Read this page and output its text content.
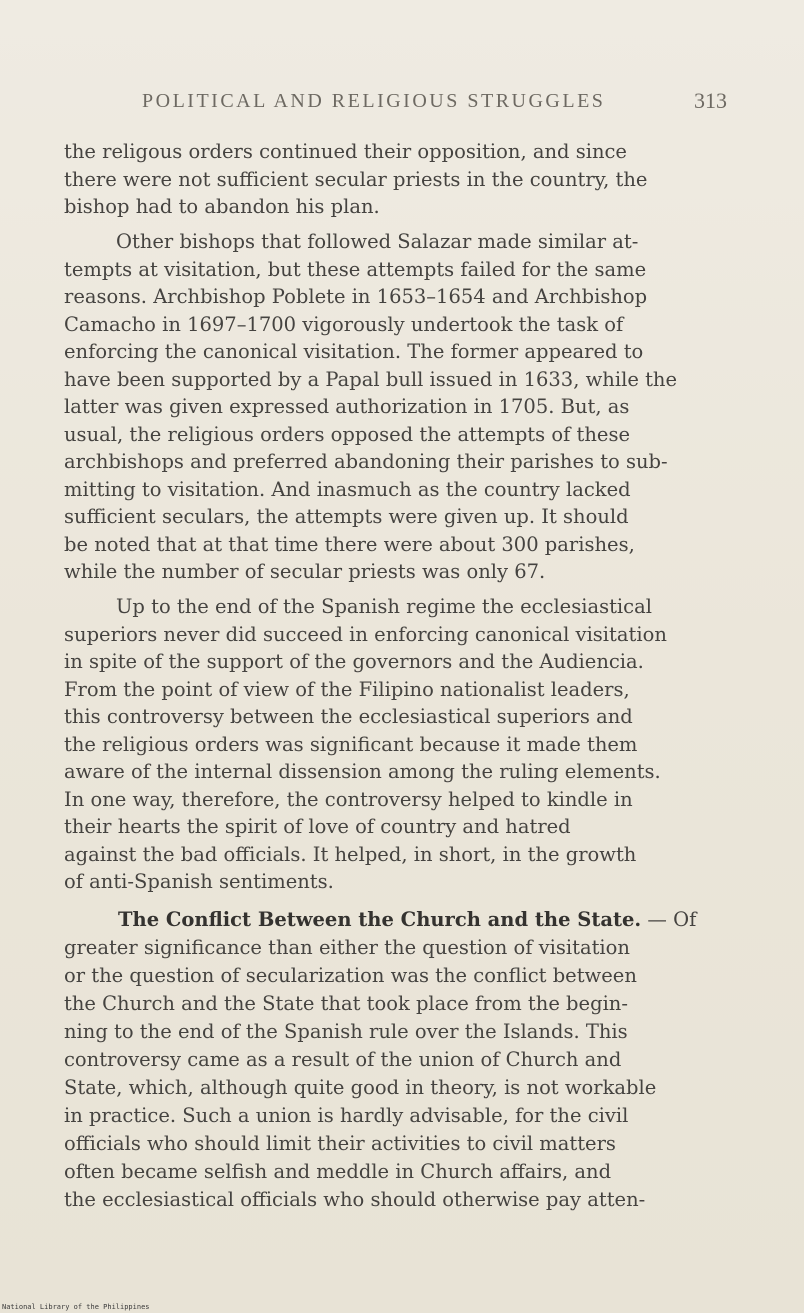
POLITICAL AND RELIGIOUS STRUGGLES	313
the religous orders continued their opposition, and since
there were not sufficient secular priests in the country, the
bishop had to abandon his plan.
Other bishops that followed Salazar made similar at-
tempts at visitation, but these attempts failed for the same
reasons. Archbishop Poblete in 1653–1654 and Archbishop
Camacho in 1697–1700 vigorously undertook the task of
enforcing the canonical visitation. The former appeared to
have been supported by a Papal bull issued in 1633, while the
latter was given expressed authorization in 1705. But, as
usual, the religious orders opposed the attempts of these
archbishops and preferred abandoning their parishes to sub-
mitting to visitation. And inasmuch as the country lacked
sufficient seculars, the attempts were given up. It should
be noted that at that time there were about 300 parishes,
while the number of secular priests was only 67.
Up to the end of the Spanish regime the ecclesiastical
superiors never did succeed in enforcing canonical visitation
in spite of the support of the governors and the Audiencia.
From the point of view of the Filipino nationalist leaders,
this controversy between the ecclesiastical superiors and
the religious orders was significant because it made them
aware of the internal dissension among the ruling elements.
In one way, therefore, the controversy helped to kindle in
their hearts the spirit of love of country and hatred
against the bad officials. It helped, in short, in the growth
of anti-Spanish sentiments.
The Conflict Between the Church and the State. — Of
greater significance than either the question of visitation
or the question of secularization was the conflict between
the Church and the State that took place from the begin-
ning to the end of the Spanish rule over the Islands. This
controversy came as a result of the union of Church and
State, which, although quite good in theory, is not workable
in practice. Such a union is hardly advisable, for the civil
officials who should limit their activities to civil matters
often became selfish and meddle in Church affairs, and
the ecclesiastical officials who should otherwise pay atten-
National Library of the Philippines
